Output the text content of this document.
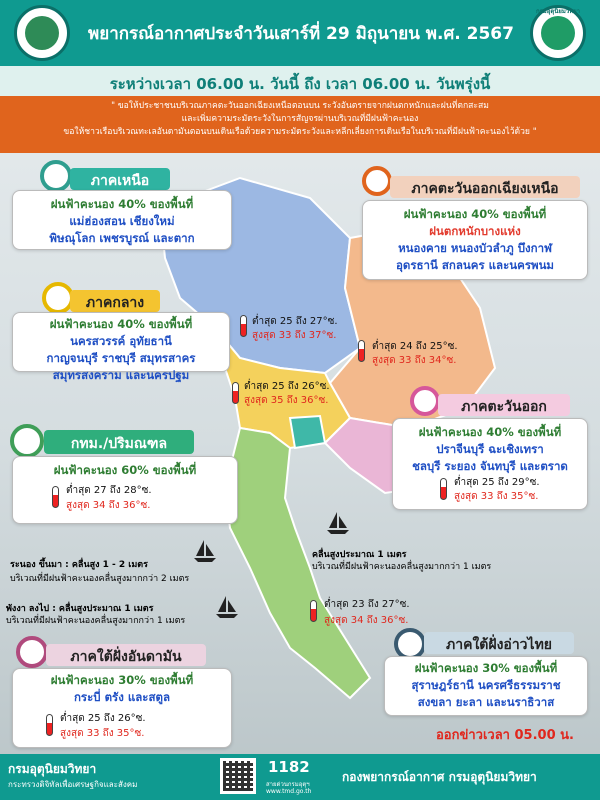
กรมอุตุนิยมวิทยา
พยากรณ์อากาศประจำวันเสาร์ที่ 29 มิถุนายน พ.ศ. 2567
ระหว่างเวลา 06.00 น. วันนี้ ถึง เวลา 06.00 น. วันพรุ่งนี้
" ขอให้ประชาชนบริเวณภาคตะวันออกเฉียงเหนือตอนบน ระวังอันตรายจากฝนตกหนักและฝนที่ตกสะสม
และเพิ่มความระมัดระวังในการสัญจรผ่านบริเวณที่มีฝนฟ้าคะนอง
ขอให้ชาวเรือบริเวณทะเลอันดามันตอนบนเดินเรือด้วยความระมัดระวังและหลีกเลี่ยงการเดินเรือในบริเวณที่มีฝนฟ้าคะนองไว้ด้วย "
ภาคเหนือ
ฝนฟ้าคะนอง 40% ของพื้นที่
แม่ฮ่องสอน เชียงใหม่
พิษณุโลก เพชรบูรณ์ และตาก
ต่ำสุด 25 ถึง 27°ซ.
สูงสุด 33 ถึง 37°ซ.
ภาคตะวันออกเฉียงเหนือ
ฝนฟ้าคะนอง 40% ของพื้นที่
ฝนตกหนักบางแห่ง
หนองคาย หนองบัวลำภู บึงกาฬ
อุดรธานี สกลนคร และนครพนม
ต่ำสุด 24 ถึง 25°ซ.
สูงสุด 33 ถึง 34°ซ.
ภาคกลาง
ฝนฟ้าคะนอง 40% ของพื้นที่
นครสวรรค์ อุทัยธานี
กาญจนบุรี ราชบุรี สมุทรสาคร
สมุทรสงคราม และนครปฐม
ต่ำสุด 25 ถึง 26°ซ.
สูงสุด 35 ถึง 36°ซ.	ภาคตะวันออก
ฝนฟ้าคะนอง 40% ของพื้นที่
ปราจีนบุรี ฉะเชิงเทรา
ชลบุรี ระยอง จันทบุรี และตราด
ต่ำสุด 25 ถึง 29°ซ.
สูงสุด 33 ถึง 35°ซ.
กทม./ปริมณฑล
ฝนฟ้าคะนอง 60% ของพื้นที่
ต่ำสุด 27 ถึง 28°ซ.
สูงสุด 34 ถึง 36°ซ.
คลื่นสูงประมาณ 1 เมตร
บริเวณที่มีฝนฟ้าคะนองคลื่นสูงมากกว่า 1 เมตร
ระนอง ขึ้นมา : คลื่นสูง 1 - 2 เมตร
บริเวณที่มีฝนฟ้าคะนองคลื่นสูงมากกว่า 2 เมตร
พังงา ลงไป : คลื่นสูงประมาณ 1 เมตร
บริเวณที่มีฝนฟ้าคะนองคลื่นสูงมากกว่า 1 เมตร
ต่ำสุด 23 ถึง 27°ซ.
สูงสุด 34 ถึง 36°ซ.
ภาคใต้ฝั่งอ่าวไทย
ฝนฟ้าคะนอง 30% ของพื้นที่
สุราษฎร์ธานี นครศรีธรรมราช
สงขลา ยะลา และนราธิวาส
ภาคใต้ฝั่งอันดามัน
ฝนฟ้าคะนอง 30% ของพื้นที่
กระบี่ ตรัง และสตูล
ต่ำสุด 25 ถึง 26°ซ.
สูงสุด 33 ถึง 35°ซ.	ออกข่าวเวลา 05.00 น.
กรมอุตุนิยมวิทยา
กระทรวงดิจิทัลเพื่อเศรษฐกิจและสังคม
1182
สายด่วนกรมอุตุฯ
www.tmd.go.th
กองพยากรณ์อากาศ กรมอุตุนิยมวิทยา
